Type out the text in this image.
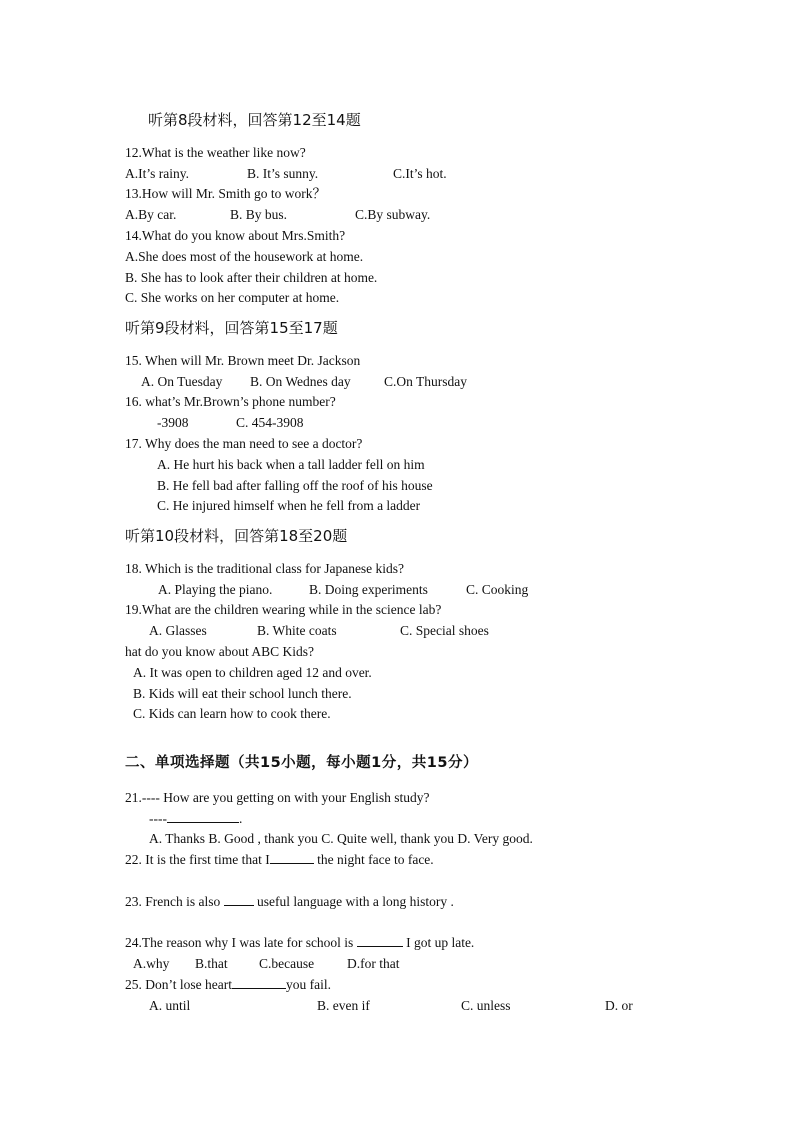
听第8段材料，回答第12至14题
12.What is the weather like now?
A.It’s rainy.	B. It’s sunny.	C.It’s hot.
13.How will Mr. Smith go to work？
A.By car.	B. By bus.	C.By subway.
14.What do you know about Mrs.Smith?
A.She does most of the housework at home.
B. She has to look after their children at home.
C. She works on her computer at home.
听第9段材料，回答第15至17题
15. When will Mr. Brown meet Dr. Jackson
A. On Tuesday B. On Wednes day C.On Thursday
16. what’s Mr.Brown’s phone number?
-3908	C. 454-3908
17. Why does the man need to see a doctor?
A. He hurt his back when a tall ladder fell on him
B. He fell bad after falling off the roof of his house
C. He injured himself when he fell from a ladder
听第10段材料，回答第18至20题
18. Which is the traditional class for Japanese kids?
A. Playing the piano.	B. Doing experiments	C. Cooking
19.What are the children wearing while in the science lab?
A. Glasses	B. White coats	C. Special shoes
hat do you know about ABC Kids?
A. It was open to children aged 12 and over.
B. Kids will eat their school lunch there.
C. Kids can learn how to cook there.
二、单项选择题（共15小题，每小题1分，共15分）
21.---- How are you getting on with your English study?
----	.
A. Thanks B. Good , thank you C. Quite well, thank you D. Very good.
22. It is the first time that I	the night face to face.
23. French is also	useful language with a long history .
24.The reason why I was late for school is	I got up late.
A.why B.that C.because D.for that
25. Don’t lose heart	you fail.
A. until	B. even if	C. unless	D. or
